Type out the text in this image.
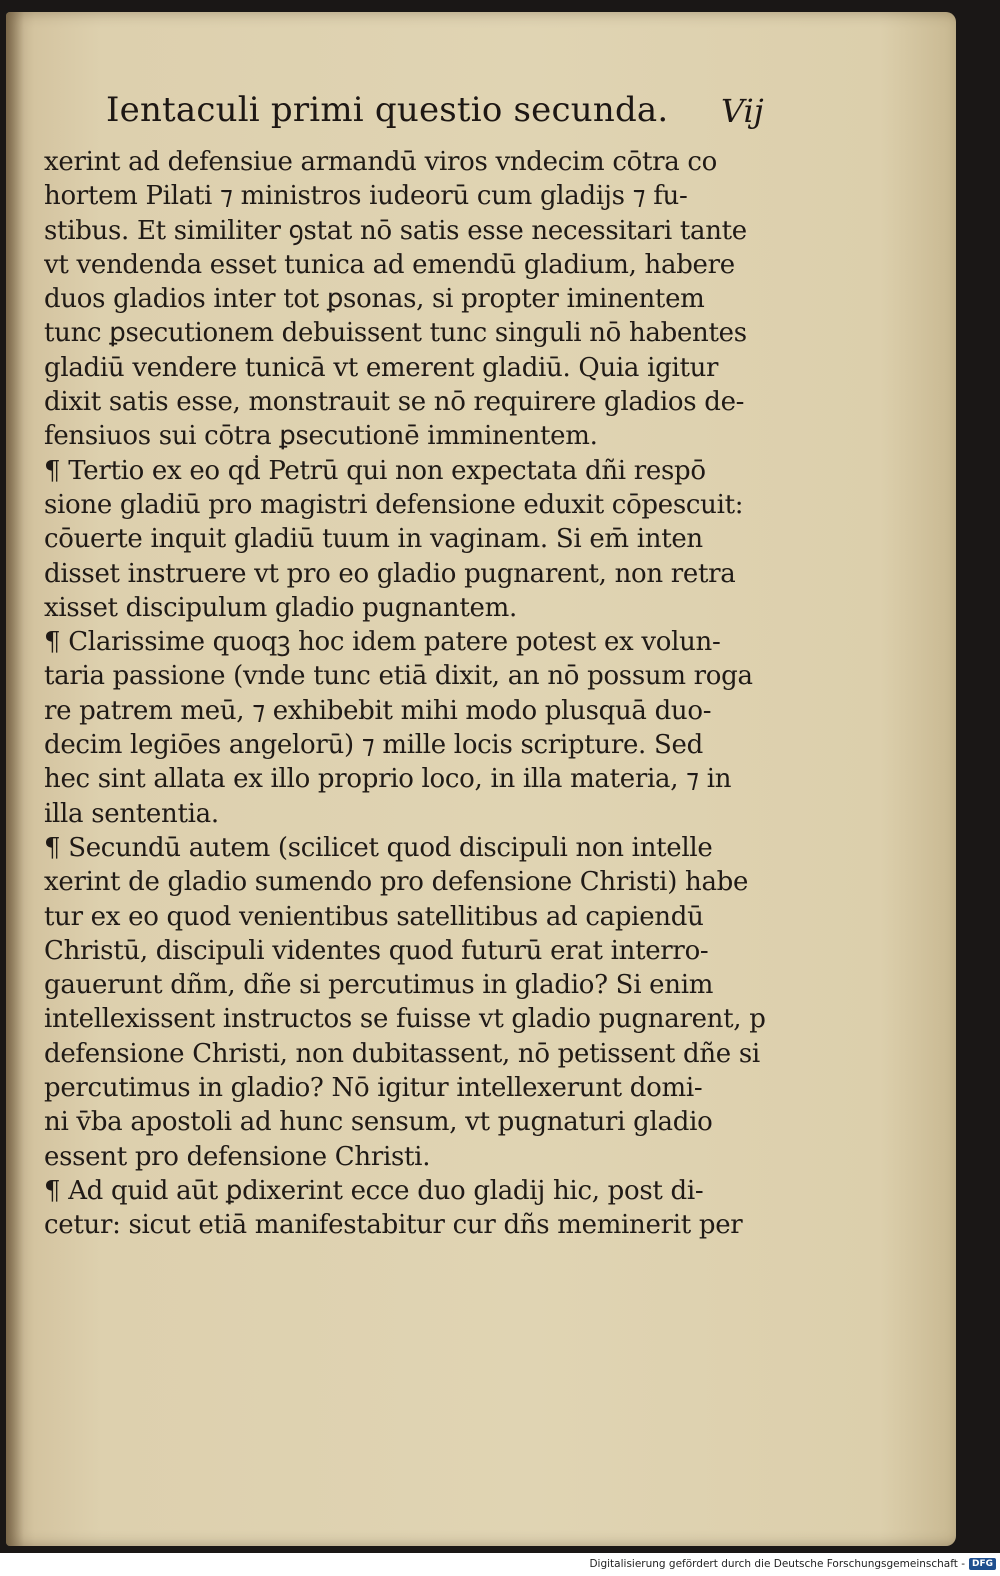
Ientaculi primi questio secunda. Vij
xerint ad defensiue armandū viros vndecim cōtra co
hortem Pilati ⁊ ministros iudeorū cum gladijs ⁊ fu-
stibus. Et similiter ꝯstat nō satis esse necessitari tante
vt vendenda esset tunica ad emendū gladium, habere
duos gladios inter tot ꝑsonas, si propter iminentem
tunc ꝑsecutionem debuissent tunc singuli nō habentes
gladiū vendere tunicā vt emerent gladiū. Quia igitur
dixit satis esse, monstrauit se nō requirere gladios de-
fensiuos sui cōtra ꝑsecutionē imminentem.
¶ Tertio ex eo qḋ Petrū qui non expectata dñi respō
sione gladiū pro magistri defensione eduxit cōpescuit:
cōuerte inquit gladiū tuum in vaginam. Si em̄ inten
disset instruere vt pro eo gladio pugnarent, non retra
xisset discipulum gladio pugnantem.
¶ Clarissime quoqꝫ hoc idem patere potest ex volun-
taria passione (vnde tunc etiā dixit, an nō possum roga
re patrem meū, ⁊ exhibebit mihi modo plusquā duo-
decim legiōes angelorū) ⁊ mille locis scripture. Sed
hec sint allata ex illo proprio loco, in illa materia, ⁊ in
illa sententia.
¶ Secundū autem (scilicet quod discipuli non intelle
xerint de gladio sumendo pro defensione Christi) habe
tur ex eo quod venientibus satellitibus ad capiendū
Christū, discipuli videntes quod futurū erat interro-
gauerunt dñm, dñe si percutimus in gladio? Si enim
intellexissent instructos se fuisse vt gladio pugnarent, p
defensione Christi, non dubitassent, nō petissent dñe si
percutimus in gladio? Nō igitur intellexerunt domi-
ni v̄ba apostoli ad hunc sensum, vt pugnaturi gladio
essent pro defensione Christi.
¶ Ad quid aūt ꝑdixerint ecce duo gladij hic, post di-
cetur: sicut etiā manifestabitur cur dñs meminerit per
Digitalisierung gefördert durch die Deutsche Forschungsgemeinschaft - DFG
